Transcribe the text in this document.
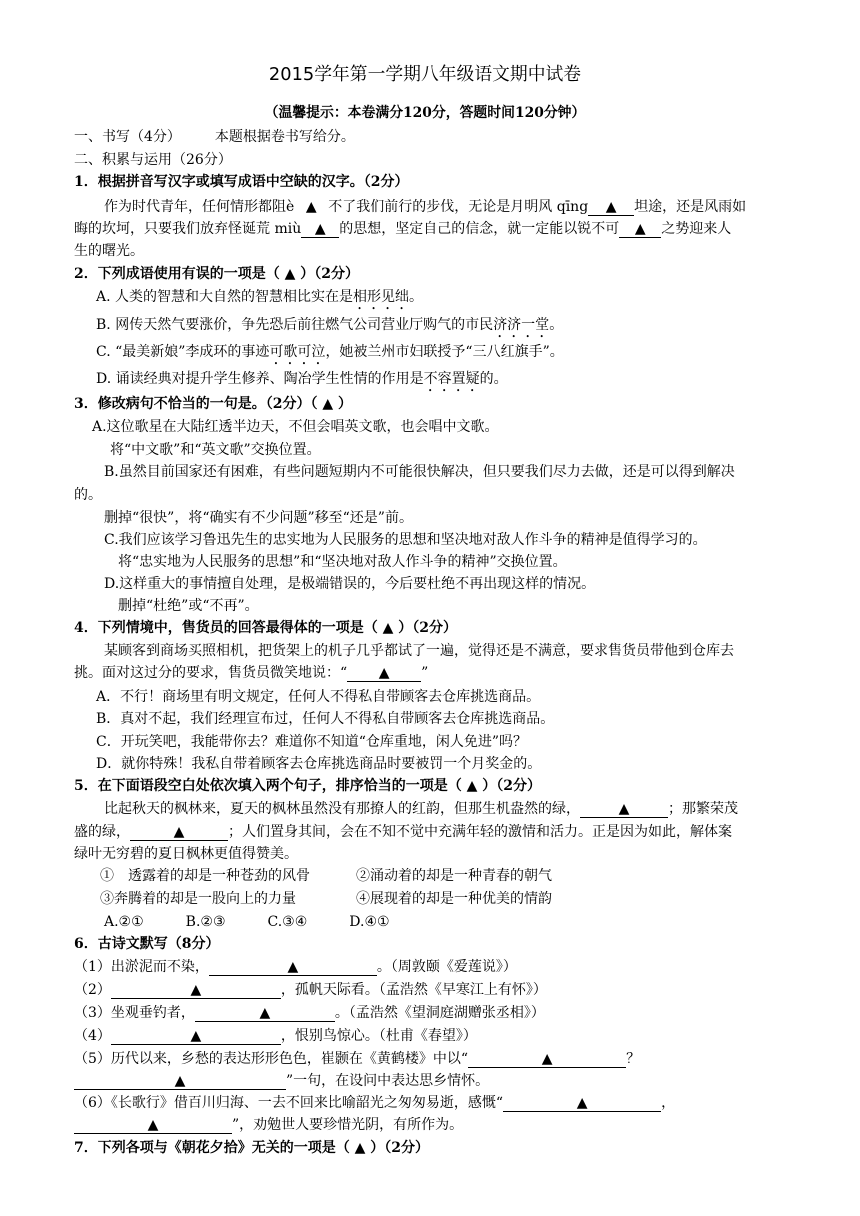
2015学年第一学期八年级语文期中试卷
（温馨提示：本卷满分120分，答题时间120分钟）
一、书写（4分） 本题根据卷书写给分。
二、积累与运用（26分）
1．根据拼音写汉字或填写成语中空缺的汉字。（2分）
作为时代青年，任何情形都阻è ▲ 不了我们前行的步伐，无论是月明风 qīng ▲ 坦途，还是风雨如
晦的坎坷，只要我们放弃怪诞荒 miù ▲ 的思想，坚定自己的信念，就一定能以锐不可 ▲ 之势迎来人
生的曙光。
2．下列成语使用有误的一项是（ ▲ ）（2分）
A. 人类的智慧和大自然的智慧相比实在是相形见绌。
B. 网传天然气要涨价，争先恐后前往燃气公司营业厅购气的市民济济一堂。
C. “最美新娘”李成环的事迹可歌可泣，她被兰州市妇联授予“三八红旗手”。
D. 诵读经典对提升学生修养、陶冶学生性情的作用是不容置疑的。
3．修改病句不恰当的一句是。（2分）（ ▲ ）
A.这位歌星在大陆红透半边天，不但会唱英文歌，也会唱中文歌。
将“中文歌”和“英文歌”交换位置。
B.虽然目前国家还有困难，有些问题短期内不可能很快解决，但只要我们尽力去做，还是可以得到解决
的。
删掉“很快”，将“确实有不少问题”移至“还是”前。
C.我们应该学习鲁迅先生的忠实地为人民服务的思想和坚决地对敌人作斗争的精神是值得学习的。
将“忠实地为人民服务的思想”和“坚决地对敌人作斗争的精神”交换位置。
D.这样重大的事情擅自处理，是极端错误的，今后要杜绝不再出现这样的情况。
删掉“杜绝”或“不再”。
4．下列情境中，售货员的回答最得体的一项是（ ▲ ）（2分）
某顾客到商场买照相机，把货架上的机子几乎都试了一遍，觉得还是不满意，要求售货员带他到仓库去
挑。面对这过分的要求，售货员微笑地说：“ ▲ ”
A．不行！商场里有明文规定，任何人不得私自带顾客去仓库挑选商品。
B．真对不起，我们经理宣布过，任何人不得私自带顾客去仓库挑选商品。
C．开玩笑吧，我能带你去？难道你不知道“仓库重地，闲人免进”吗？
D．就你特殊！我私自带着顾客去仓库挑选商品时要被罚一个月奖金的。
5．在下面语段空白处依次填入两个句子，排序恰当的一项是（ ▲ ）（2分）
比起秋天的枫林来，夏天的枫林虽然没有那撩人的红韵，但那生机盎然的绿，	▲	；那繁荣茂
盛的绿，	▲	；人们置身其间，会在不知不觉中充满年轻的激情和活力。正是因为如此，解体案
绿叶无穷碧的夏日枫林更值得赞美。
①　透露着的却是一种苍劲的风骨	②涌动着的却是一种青春的朝气
③奔腾着的却是一股向上的力量	④展现着的却是一种优美的情韵
A.②①　　　B.②③　　　C.③④　　　D.④①
6．古诗文默写（8分）
（1）出淤泥而不染，	▲	。（周敦颐《爱莲说》）
（2）	▲	，孤帆天际看。（孟浩然《早寒江上有怀》）
（3）坐观垂钓者，	▲	。（孟浩然《望洞庭湖赠张丞相》）
（4）	▲	，恨别鸟惊心。（杜甫《春望》）
（5）历代以来，乡愁的表达形形色色，崔颢在《黄鹤楼》中以“	▲	？
▲	”一句，在设问中表达思乡情怀。
（6）《长歌行》借百川归海、一去不回来比喻韶光之匆匆易逝，感慨“	▲	，
▲	”，劝勉世人要珍惜光阴，有所作为。
7．下列各项与《朝花夕拾》无关的一项是（ ▲ ）（2分）
